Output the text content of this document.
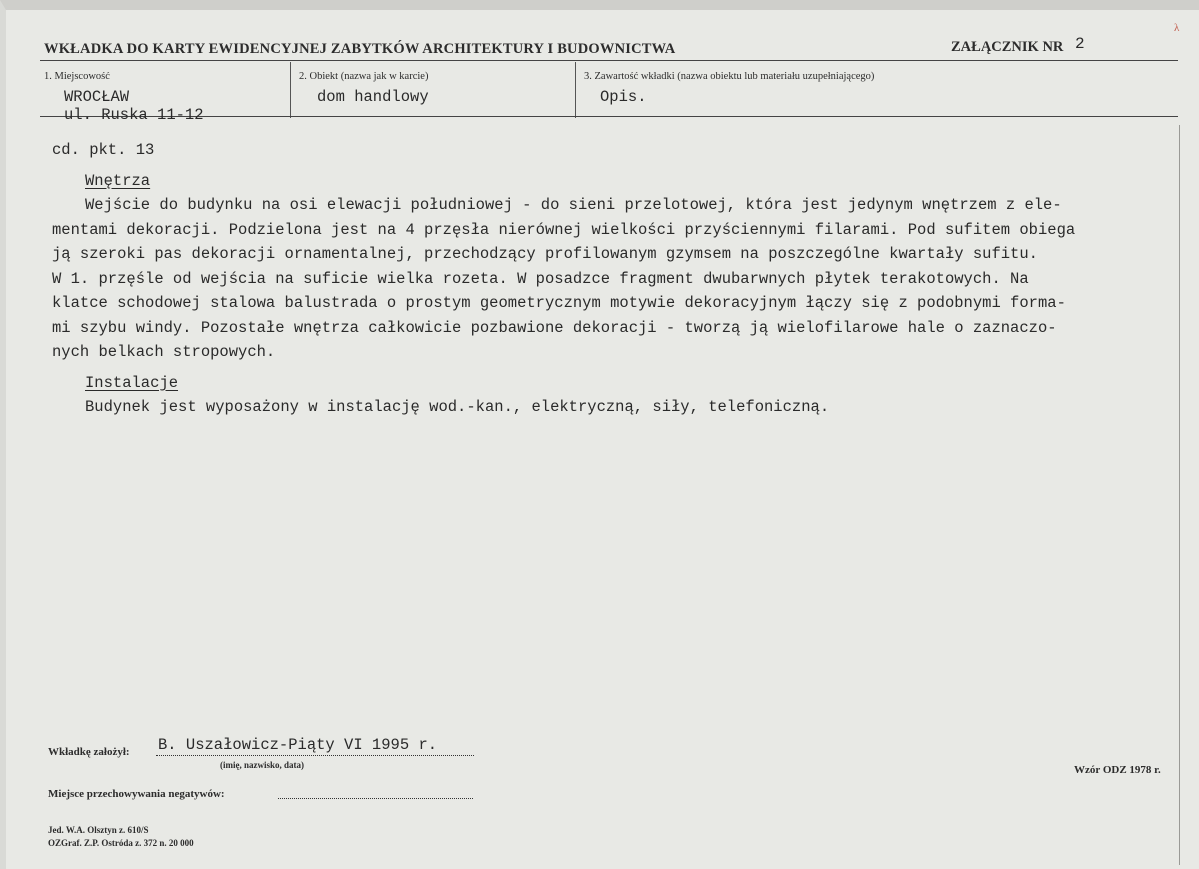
WKŁADKA DO KARTY EWIDENCYJNEJ ZABYTKÓW ARCHITEKTURY I BUDOWNICTWA	ZAŁĄCZNIK NR 2
λ
1. Miejscowość
WROCŁAW
ul. Ruska 11-12
2. Obiekt (nazwa jak w karcie)
dom handlowy
3. Zawartość wkładki (nazwa obiektu lub materiału uzupełniającego)
Opis.
cd. pkt. 13
Wnętrza
Wejście do budynku na osi elewacji południowej - do sieni przelotowej, która jest jedynym wnętrzem z ele-
mentami dekoracji. Podzielona jest na 4 przęsła nierównej wielkości przyściennymi filarami. Pod sufitem obiega
ją szeroki pas dekoracji ornamentalnej, przechodzący profilowanym gzymsem na poszczególne kwartały sufitu.
W 1. przęśle od wejścia na suficie wielka rozeta. W posadzce fragment dwubarwnych płytek terakotowych. Na
klatce schodowej stalowa balustrada o prostym geometrycznym motywie dekoracyjnym łączy się z podobnymi forma-
mi szybu windy. Pozostałe wnętrza całkowicie pozbawione dekoracji - tworzą ją wielofilarowe hale o zaznaczo-
nych belkach stropowych.
Instalacje
Budynek jest wyposażony w instalację wod.-kan., elektryczną, siły, telefoniczną.
Wkładkę założył: B. Uszałowicz-Piąty VI 1995 r.
(imię, nazwisko, data)	Wzór ODZ 1978 r.
Miejsce przechowywania negatywów:
Jed. W.A. Olsztyn z. 610/S
OZGraf. Z.P. Ostróda z. 372 n. 20 000
